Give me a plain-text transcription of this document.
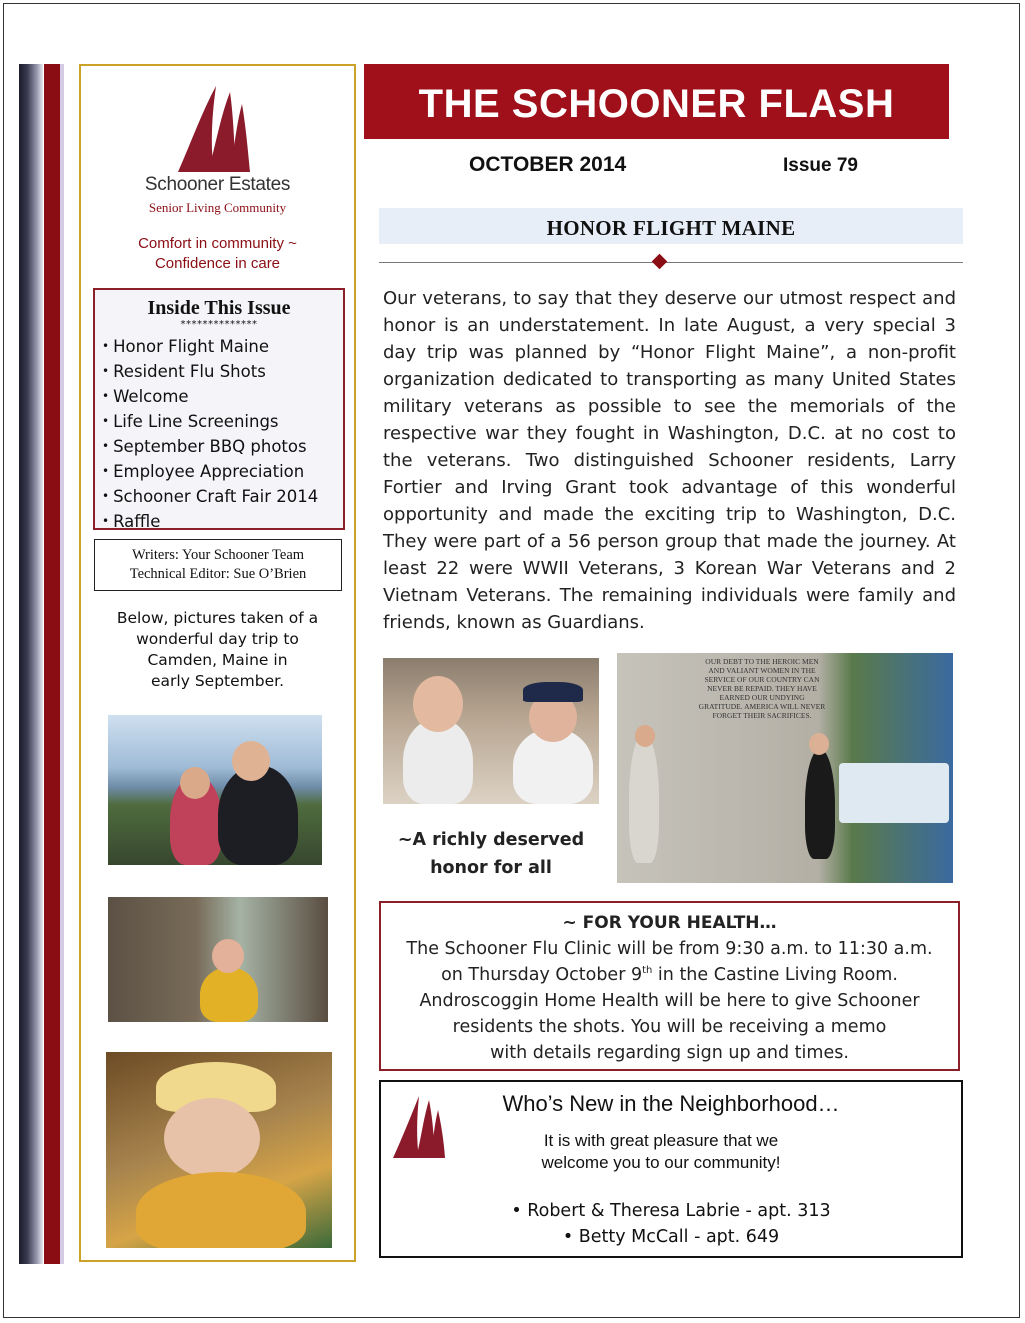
Schooner Estates
Senior Living Community
Comfort in community ~
Confidence in care
Inside This Issue
**************
• Honor Flight Maine
• Resident Flu Shots
• Welcome
• Life Line Screenings
• September BBQ photos
• Employee Appreciation
• Schooner Craft Fair 2014
• Raffle
Writers: Your Schooner Team
Technical Editor: Sue O’Brien
Below, pictures taken of a
wonderful day trip to
Camden, Maine in
early September.
THE SCHOONER FLASH
OCTOBER 2014	Issue 79
HONOR FLIGHT MAINE
Our veterans, to say that they deserve our utmost respect and honor is an understatement. In late August, a very special 3 day trip was planned by “Honor Flight Maine”, a non-profit organization dedicated to transporting as many United States military veterans as possible to see the memorials of the respective war they fought in Washington, D.C. at no cost to the veterans. Two distinguished Schooner residents, Larry Fortier and Irving Grant took advantage of this wonderful opportunity and made the exciting trip to Washington, D.C. They were part of a 56 person group that made the journey. At least 22 were WWII Veterans, 3 Korean War Veterans and 2 Vietnam Veterans. The remaining individuals were family and friends, known as Guardians.
OUR DEBT TO THE HEROIC MEN AND VALIANT WOMEN IN THE SERVICE OF OUR COUNTRY CAN NEVER BE REPAID. THEY HAVE EARNED OUR UNDYING GRATITUDE. AMERICA WILL NEVER FORGET THEIR SACRIFICES.
~A richly deserved
honor for all
~ FOR YOUR HEALTH…
The Schooner Flu Clinic will be from 9:30 a.m. to 11:30 a.m.
on Thursday October 9th in the Castine Living Room.
Androscoggin Home Health will be here to give Schooner
residents the shots. You will be receiving a memo
with details regarding sign up and times.
Who’s New in the Neighborhood…
It is with great pleasure that we
welcome you to our community!
• Robert & Theresa Labrie - apt. 313
• Betty McCall - apt. 649
